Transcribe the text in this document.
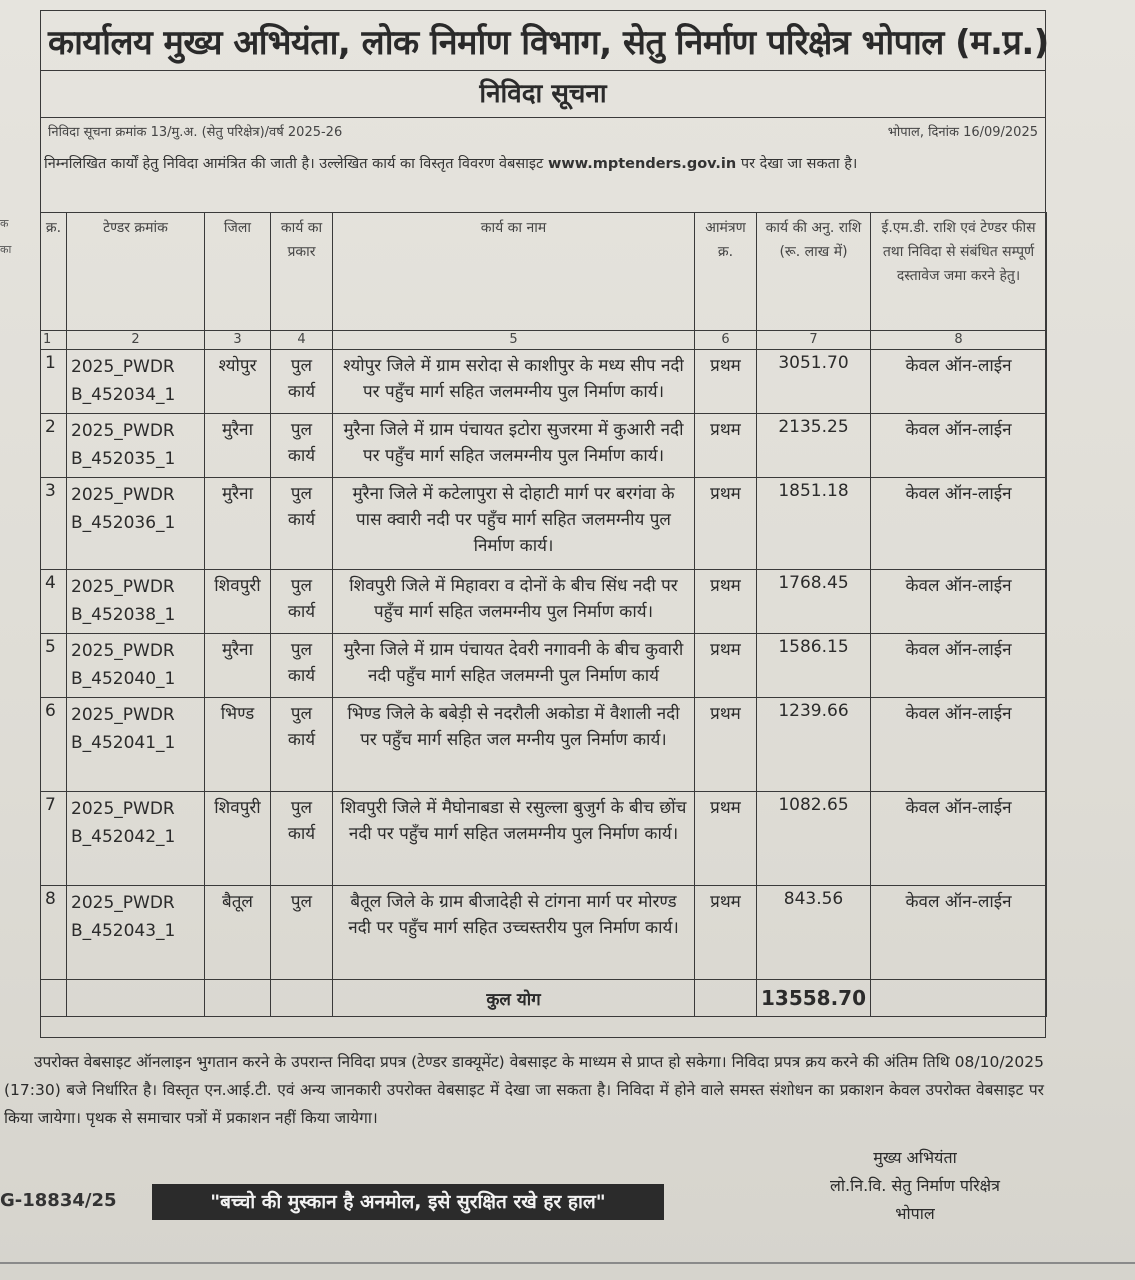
क
का
कार्यालय मुख्य अभियंता, लोक निर्माण विभाग, सेतु निर्माण परिक्षेत्र भोपाल (म.प्र.)
निविदा सूचना
निविदा सूचना क्रमांक 13/मु.अ. (सेतु परिक्षेत्र)/वर्ष 2025-26	भोपाल, दिनांक 16/09/2025
निम्नलिखित कार्यों हेतु निविदा आमंत्रित की जाती है। उल्लेखित कार्य का विस्तृत विवरण वेबसाइट www.mptenders.gov.in पर देखा जा सकता है।
क्र.	टेण्डर क्रमांक	जिला	कार्य का प्रकार	कार्य का नाम	आमंत्रण क्र.	कार्य की अनु. राशि (रू. लाख में)	ई.एम.डी. राशि एवं टेण्डर फीस तथा निविदा से संबंधित सम्पूर्ण दस्तावेज जमा करने हेतु।
1	2	3	4	5	6	7	8
1	2025_PWDR B_452034_1	श्योपुर	पुल कार्य	श्योपुर जिले में ग्राम सरोदा से काशीपुर के मध्य सीप नदी पर पहुँच मार्ग सहित जलमग्नीय पुल निर्माण कार्य।	प्रथम	3051.70	केवल ऑन-लाईन
2	2025_PWDR B_452035_1	मुरैना	पुल कार्य	मुरैना जिले में ग्राम पंचायत इटोरा सुजरमा में कुआरी नदी पर पहुँच मार्ग सहित जलमग्नीय पुल निर्माण कार्य।	प्रथम	2135.25	केवल ऑन-लाईन
3	2025_PWDR B_452036_1	मुरैना	पुल कार्य	मुरैना जिले में कटेलापुरा से दोहाटी मार्ग पर बरगंवा के पास क्वारी नदी पर पहुँच मार्ग सहित जलमग्नीय पुल निर्माण कार्य।	प्रथम	1851.18	केवल ऑन-लाईन
4	2025_PWDR B_452038_1	शिवपुरी	पुल कार्य	शिवपुरी जिले में मिहावरा व दोनों के बीच सिंध नदी पर पहुँच मार्ग सहित जलमग्नीय पुल निर्माण कार्य।	प्रथम	1768.45	केवल ऑन-लाईन
5	2025_PWDR B_452040_1	मुरैना	पुल कार्य	मुरैना जिले में ग्राम पंचायत देवरी नगावनी के बीच कुवारी नदी पहुँच मार्ग सहित जलमग्नी पुल निर्माण कार्य	प्रथम	1586.15	केवल ऑन-लाईन
6	2025_PWDR B_452041_1	भिण्ड	पुल कार्य	भिण्ड जिले के बबेड़ी से नदरौली अकोडा में वैशाली नदी पर पहुँच मार्ग सहित जल मग्नीय पुल निर्माण कार्य।	प्रथम	1239.66	केवल ऑन-लाईन
7	2025_PWDR B_452042_1	शिवपुरी	पुल कार्य	शिवपुरी जिले में मैघोनाबडा से रसुल्ला बुजुर्ग के बीच छोंच नदी पर पहुँच मार्ग सहित जलमग्नीय पुल निर्माण कार्य।	प्रथम	1082.65	केवल ऑन-लाईन
8	2025_PWDR B_452043_1	बैतूल	पुल	बैतूल जिले के ग्राम बीजादेही से टांगना मार्ग पर मोरण्ड नदी पर पहुँच मार्ग सहित उच्चस्तरीय पुल निर्माण कार्य।	प्रथम	843.56	केवल ऑन-लाईन
				कुल योग		13558.70	
उपरोक्त वेबसाइट ऑनलाइन भुगतान करने के उपरान्त निविदा प्रपत्र (टेण्डर डाक्यूमेंट) वेबसाइट के माध्यम से प्राप्त हो सकेगा। निविदा प्रपत्र क्रय करने की अंतिम तिथि 08/10/2025 (17:30) बजे निर्धारित है। विस्तृत एन.आई.टी. एवं अन्य जानकारी उपरोक्त वेबसाइट में देखा जा सकता है। निविदा में होने वाले समस्त संशोधन का प्रकाशन केवल उपरोक्त वेबसाइट पर किया जायेगा। पृथक से समाचार पत्रों में प्रकाशन नहीं किया जायेगा।
मुख्य अभियंता
लो.नि.वि. सेतु निर्माण परिक्षेत्र
भोपाल
G-18834/25	"बच्चो की मुस्कान है अनमोल, इसे सुरक्षित रखे हर हाल"
